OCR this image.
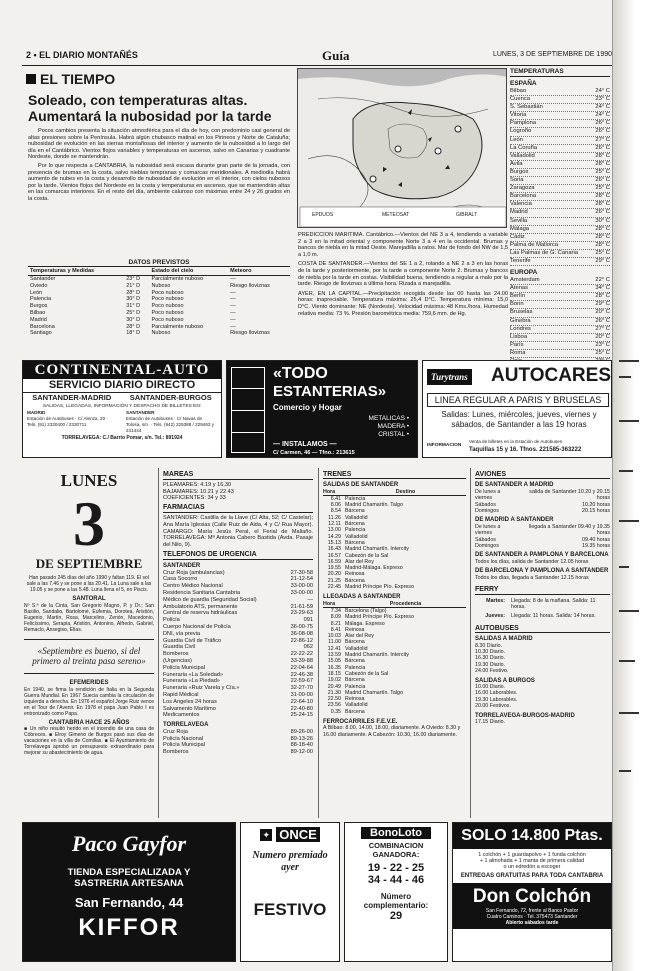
2 • EL DIARIO MONTAÑÉS	Guía	LUNES, 3 DE SEPTIEMBRE DE 1990
EL TIEMPO
Soleado, con temperaturas altas. Aumentará la nubosidad por la tarde

Pocos cambios presenta la situación atmosférica para el día de hoy, con predominio casi general de altas presiones sobre la Península. Habrá algún chubasco matinal en los Pirineos y Norte de Cataluña; nubosidad de evolución en las sierras montañosas del interior y aumento de la nubosidad a lo largo del día en el Cantábrico. Vientos flojos variables y temperaturas en ascenso, salvo en Canarias y cuadrante Nordeste, donde se mantendrán.

Por lo que respecta a CANTABRIA, la nubosidad será escasa durante gran parte de la jornada, con presencia de brumas en la costa, salvo nieblas tempranas y comarcas meridionales. A mediodía habrá aumento de nubes en la costa y desarrollo de nubosidad de evolución en el interior, con cielos nubosos por la tarde. Vientos flojos del Nordeste en la costa y temperaturas en ascenso, que se mantendrán altas en las comarcas interiores. En el resto del día, ambiente caluroso con máximas entre 24 y 26 grados en la costa.

EPDUOS	METEOSAT	GIBRALT
DATOS PREVISTOS
Temperaturas y Medidas		Estado del cielo	Meteoro
Santander	23° D	Parcialmente nuboso	—
Oviedo	21° D	Nuboso	Riesgo lloviznas
León	28° D	Poco nuboso	—
Palencia	30° D	Poco nuboso	—
Burgos	31° D	Poco nuboso	—
Bilbao	25° D	Poco nuboso	—
Madrid	30° D	Poco nuboso	—
Barcelona	28° D	Parcialmente nuboso	—
Santiago	18° D	Nuboso	Riesgo lloviznas

PREDICCION MARITIMA. Cantábrico.—Vientos del NE 3 a 4, tendiendo a variable 2 a 3 en la mitad oriental y componente Norte 3 a 4 en la occidental. Brumas y bancos de niebla en la mitad Oeste. Marejadilla a ratos. Mar de fondo del NW de 1,5 a 1,0 m.

COSTA DE SANTANDER.—Vientos del SE 1 a 2, rolando a NE 2 a 3 en las horas de la tarde y posteriormente, por la tarde a componente Norte 2. Brumas y bancos de niebla por la tarde en costas. Visibilidad buena, tendiendo a regular a malo por la tarde. Riesgo de lloviznas a última hora. Rizada a marejadilla.

AYER, EN LA CAPITAL.—Precipitación recogida desde las 00 hasta las 24.00 horas: inapreciable. Temperatura máxima: 25,4 D°C. Temperatura mínima: 15,0 D°C. Viento dominante: NE (Nordeste). Velocidad máxima: 48 Kms./hora. Humedad relativa media: 73 %. Presión barométrica media: 759,6 mm. de Hg.

TEMPERATURAS
ESPAÑA
Bilbao	24° C
Cuenca	23° C
S. Sebastián	24° C
Vitoria	24° C
Pamplona	26° C
Logroño	26° C
León	27° C
La Coruña	26° C
Valladolid	28° C
Avila	28° C
Burgos	25° C
Soria	26° C
Zaragoza	25° C
Barcelona	28° C
Valencia	28° C
Madrid	26° C
Sevilla	30° C
Málaga	28° C
Cádiz	28° C
Palma de Mallorca	28° C
Las Palmas de G. Canaria	25° C
Tenerife	29° C
EUROPA
Amsterdam	22° C
Atenas	34° C
Berlín	28° C
Bonn	29° C
Bruselas	20° C
Ginebra	26° C
Londres	27° C
Lisboa	20° C
París	23° C
Roma	25° C
CONTINENTAL-AUTO
SERVICIO DIARIO DIRECTO
SANTANDER-MADRID SANTANDER-BURGOS
SALIDAS, LLEGADAS, INFORMACIÓN Y DESPACHO DE BILLETES EN:
MADRID
Estación de Autobuses · C/ Alenza, 20 · Tels. (91) 2330400 / 2330711
SANTANDER
Estación de Autobuses · C/ Navas de Tolosa, s/n. · Tels. (942) 225388 / 229463 y 241444
TORRELAVEGA: C./ Barrio Pomar, s/n. Tel.: 891924
«TODO
ESTANTERIAS»
Comercio y Hogar
METALICAS •
MADERA •
CRISTAL •
— INSTALAMOS —
C/ Carmen, 46 — Tfno.: 213615
Turytrans AUTOCARES
LINEA REGULAR A PARIS Y BRUSELAS
Salidas: Lunes, miércoles, jueves, viernes y sábados, de Santander a las 19 horas
INFORMACION
Venta de billetes en la Estación de Autobuses
Taquillas 15 y 16. Tfnos. 221585-363222
LUNES
3
DE SEPTIEMBRE
Han pasado 245 días del año 1990 y faltan 119. El sol sale a las 7.46 y se pone a las 20.41. La Luna sale a las 19.05 y se pone a las 5.48. Luna llena el 5, en Piscis.
SANTORAL
Nº S.ª de la Cinta, San Gregorio Magno, P. y Dr.; San Basilio, Sandalio, Bartolomé, Eufemia, Dorotea, Aristión, Eugenio, Martín, Rosa, Marcelino, Zenón, Macedonio, Felicíssimo, Serapia, Aristión, Antonino, Alfredo, Gabriel, Remaclo, Ansegiso, Elías.
«Septiembre es bueno, si del primero al treinta pasa sereno»
EFEMERIDES
En 1940, se firma la rendición de Italia en la Segunda Guerra Mundial. En 1967 Suecia cambia la circulación de izquierda a derecha. En 1976 el español Jorge Ruiz vence en el Tour de l'Avenir. En 1978 el papa Juan Pablo I es entronizado como Papa.
CANTABRIA HACE 25 AÑOS
■ Un niño resultó herido en el incendio de una casa de Cóbreces. ■ Elroy Gimeno de Burgos pasó sus días de vacaciones en la villa de Comillas. ■ El Ayuntamiento de Torrelavega aprobó un presupuesto extraordinario para mejorar su abastecimiento de agua.
MAREAS
PLEAMARES: 4.19 y 16.30
BAJAMARES: 10.21 y 22.43
COEFICIENTES: 34 y 33
FARMACIAS
SANTANDER: Castilla de la Llave (C/ Alta, 52; C/ Castelar); Ana María Iglesias (Calle Ruiz de Alda, 4 y C/ Rua Mayor). CAMARGO: María Jesús Peral, el Ferial de Maliaño. TORRELAVEGA: Mª Antonia Cabero Bastida (Avda. Pasaje del Nilo, 9).
TELEFONOS DE URGENCIA
SANTANDER
Cruz Roja (ambulancias)	27-30-58
Casa Socorro	21-12-54
Centro Médico Nacional	33-00-00
Residencia Sanitaria Cantabria	33-00-00
Médico de guardia (Seguridad Social)	—
Ambulatorio ATS, permanente	21-61-59
Central de reserva hidráulicas	23-29-63
Policía	091
Cuerpo Nacional de Policía	36-00-75
DNI, vía previa	36-08-08
Guardia Civil de Tráfico	22-86-12
Guardia Civil	062
Bomberos	22-22-22
(Urgencias)	33-39-88
Policía Municipal	22-04-64
Funeraria «La Soledad»	22-46-38
Funeraria «La Piedad»	22-59-67
Funeraria «Ruiz Varela y Cía.»	32-27-70
Rapid Médical	31-00-00
Los Angeles 24 horas	22-64-10
Salvamento Marítimo	22-40-80
Medicamentos	25-24-15
TORRELAVEGA
Cruz Roja	89-26-00
Policía Nacional	89-13-26
Policía Municipal	88-18-40
Bomberos	89-12-00
TRENES
SALIDAS DE SANTANDER
Hora	Destino
6.41 Palencia
8.06 Madrid Chamartín. Talgo
8.54 Bárcena
11.26 Valladolid
12.11 Bárcena
13.00 Palencia
14.29 Valladolid
15.13 Bárcena
16.43 Madrid Chamartín. Intercity
16.57 Cabezón de la Sal
16.59 Alar del Rey
19.55 Madrid-Málaga. Expreso
20.20 Reinosa
21.25 Bárcena
22.45 Madrid Príncipe Pío. Expreso
LLEGADAS A SANTANDER
Hora	Procedencia
7.34 Barcelona (Talgo)
8.09 Madrid Príncipe Pío. Expreso
8.21 Málaga. Expreso
8.41 Reinosa
10.03 Alar del Rey
11.00 Bárcena
12.41 Valladolid
13.59 Madrid Chamartín. Intercity
15.05 Bárcena
16.35 Palencia
18.15 Cabezón de la Sal
19.02 Bárcena
20.49 Palencia
21.30 Madrid Chamartín. Talgo
22.50 Reinosa
23.56 Valladolid
0.35 Bárcena
FERROCARRILES F.E.V.E.
A Bilbao: 8.00, 14.00, 18.00, diariamente. A Oviedo: 8.30 y 16.00 diariamente. A Cabezón: 10.30, 16.00 diariamente.
AVIONES
DE SANTANDER A MADRID
De lunes a viernes
salida de Santander 10.20 y 20.15 horas
Sábados	10.20 horas
Domingos	20.15 horas
DE MADRID A SANTANDER
De lunes a viernes
llegada a Santander 09.40 y 19.35 horas
Sábados	09.40 horas
Domingos	19.35 horas
DE SANTANDER A PAMPLONA Y BARCELONA
Todos los días, salida de Santander 12.05 horas
DE BARCELONA Y PAMPLONA A SANTANDER
Todos los días, llegada a Santander 12.15 horas
FERRY
Martes: Llegada: 8 de la mañana. Salida: 11 horas.
Jueves: Llegada: 11 horas. Salida: 14 horas.
AUTOBUSES
SALIDAS A MADRID
8.30 Diario.
10.30 Diario.
16.30 Diario.
19.30 Diario.
24.00 Festivo.
SALIDAS A BURGOS
10.00 Diario.
16.00 Laborables.
19.30 Laborables.
20.00 Festivos.
TORRELAVEGA-BURGOS-MADRID
17.15 Diario.
Paco Gayfor
TIENDA ESPECIALIZADA Y
SASTRERIA ARTESANA
San Fernando, 44
KIFFOR
✦ ONCE
Numero premiado ayer
FESTIVO
BonoLoto
COMBINACION
GANADORA:
19 - 22 - 25
34 - 44 - 46
Número
complementario:
29
SOLO 14.800 Ptas.
1 colchón + 1 guardapolvo + 1 funda colchón
+ 1 almohada + 1 manta de primera calidad
o un edredón a escoger
ENTREGAS GRATUITAS PARA TODA CANTABRIA
Don Colchón
San Fernando, 72, frente al Banco Pastor
Cuatro Caminos · Tel. 375473 Santander
Abierto sábados tarde
